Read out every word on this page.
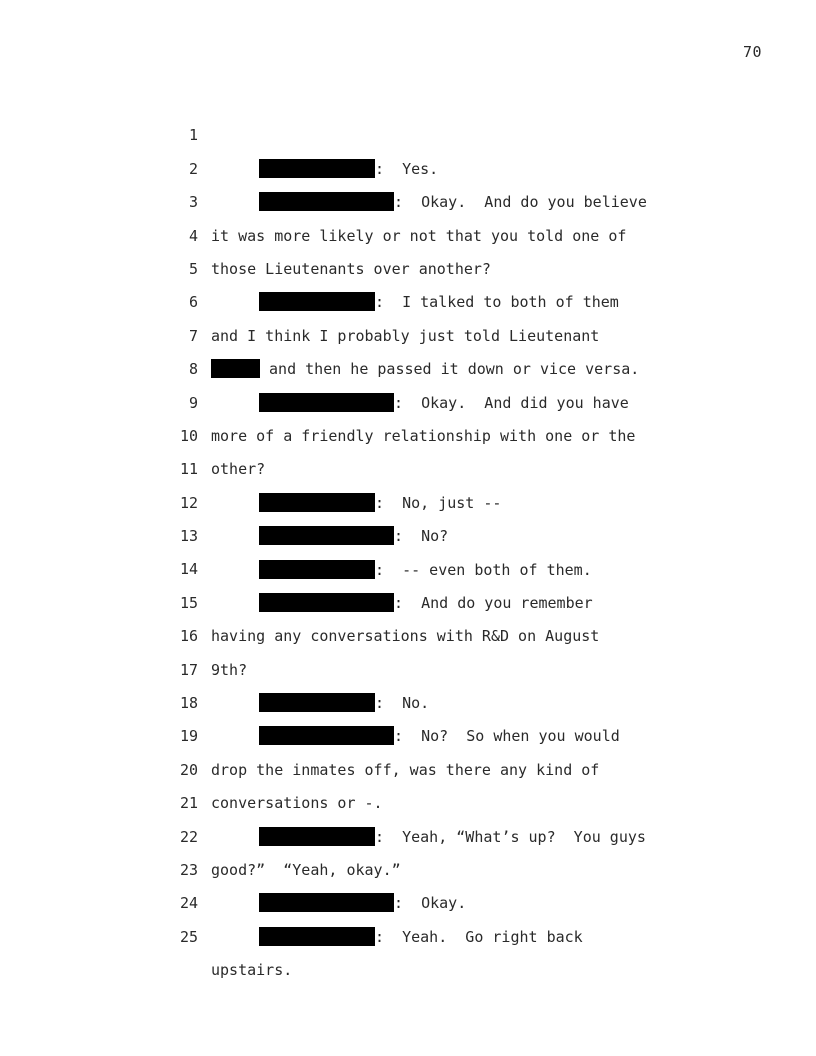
70

1

:  Yes.

2

:  Okay.  And do you believe

3

it was more likely or not that you told one of

4

those Lieutenants over another?

5

:  I talked to both of them

6

and I think I probably just told Lieutenant

7

and then he passed it down or vice versa.

8

:  Okay.  And did you have

9

more of a friendly relationship with one or the

10

other?

11

:  No, just --

12

:  No?

13

:  -- even both of them.

14

:  And do you remember

15

having any conversations with R&D on August

16

9th?

17

:  No.

18

:  No?  So when you would

19

drop the inmates off, was there any kind of

20

conversations or -.

21

:  Yeah, “What’s up?  You guys

22

good?”  “Yeah, okay.”

23

:  Okay.

24

:  Yeah.  Go right back

25

upstairs.
